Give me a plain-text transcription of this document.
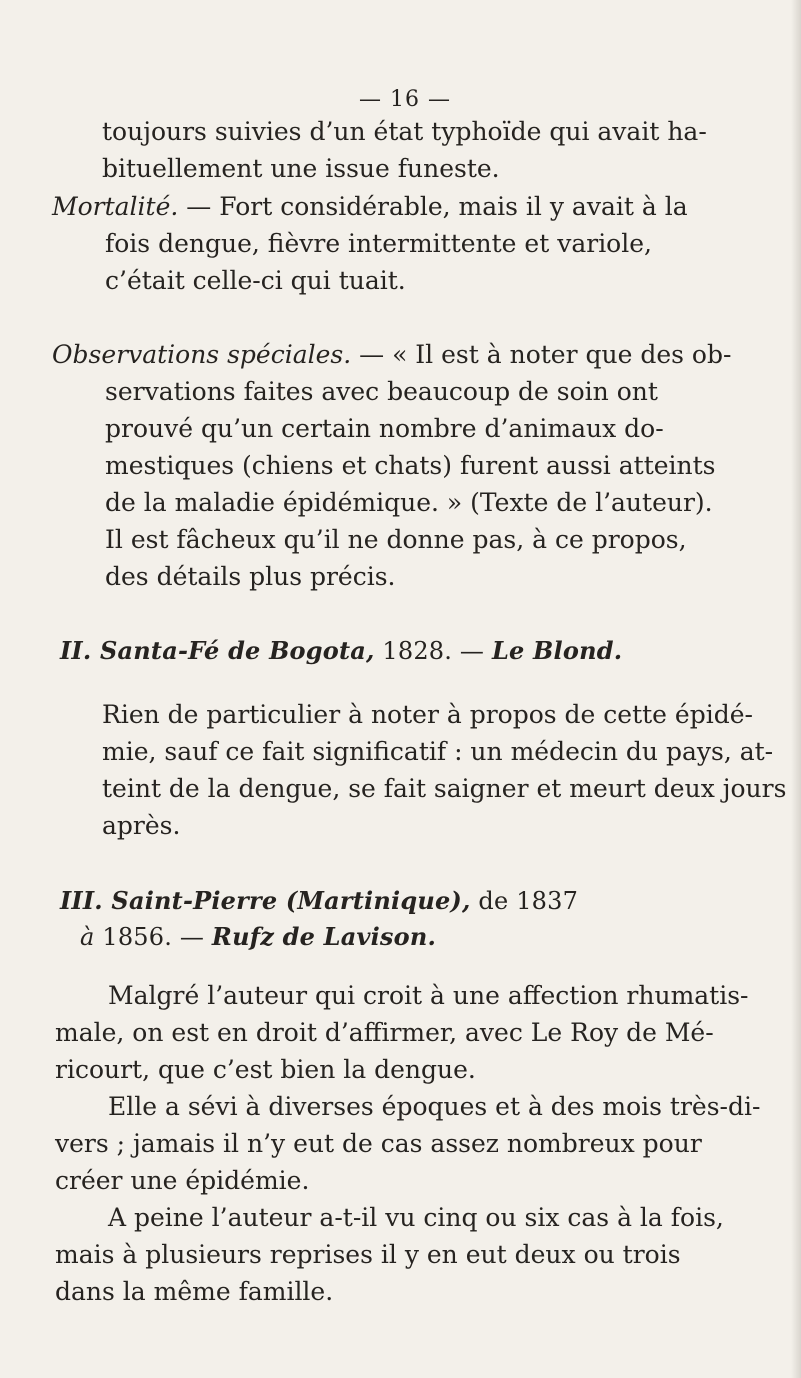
— 16 —
toujours suivies d’un état typhoïde qui avait ha-
bituellement une issue funeste.
Mortalité. — Fort considérable, mais il y avait à la
fois dengue, fièvre intermittente et variole,
c’était celle-ci qui tuait.
Observations spéciales. — « Il est à noter que des ob-
servations faites avec beaucoup de soin ont
prouvé qu’un certain nombre d’animaux do-
mestiques (chiens et chats) furent aussi atteints
de la maladie épidémique. » (Texte de l’auteur).
Il est fâcheux qu’il ne donne pas, à ce propos,
des détails plus précis.
II. Santa-Fé de Bogota, 1828. — Le Blond.
Rien de particulier à noter à propos de cette épidé-
mie, sauf ce fait significatif : un médecin du pays, at-
teint de la dengue, se fait saigner et meurt deux jours
après.
III. Saint-Pierre (Martinique), de 1837
à 1856. — Rufz de Lavison.
Malgré l’auteur qui croit à une affection rhumatis-
male, on est en droit d’affirmer, avec Le Roy de Mé-
ricourt, que c’est bien la dengue.
Elle a sévi à diverses époques et à des mois très-di-
vers ; jamais il n’y eut de cas assez nombreux pour
créer une épidémie.
A peine l’auteur a-t-il vu cinq ou six cas à la fois,
mais à plusieurs reprises il y en eut deux ou trois
dans la même famille.
